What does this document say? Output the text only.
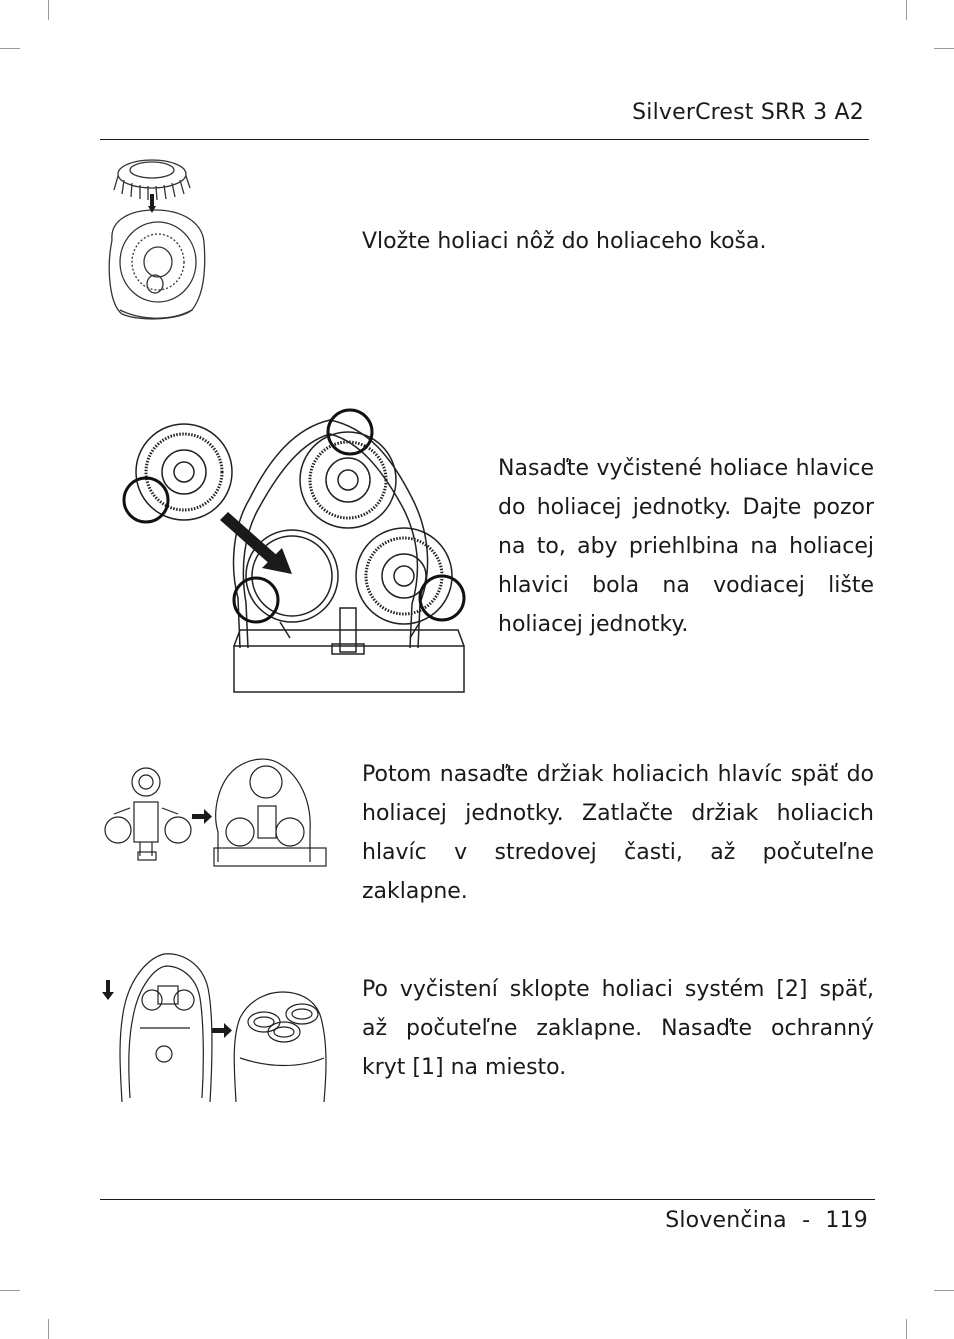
SilverCrest SRR 3 A2
Vložte holiaci nôž do holiaceho koša.
Nasaďte vyčistené holiace hlavice do holiacej jednotky. Dajte pozor na to, aby priehlbina na holiacej hlavici bola na vodiacej lište holiacej jednotky.
Potom nasaďte držiak holiacich hlavíc späť do holiacej jednotky. Zatlačte držiak holiacich hlavíc v stredovej časti, až počuteľne zaklapne.
Po vyčistení sklopte holiaci systém [2] späť, až počuteľne zaklapne. Nasaďte ochranný kryt [1] na miesto.
Slovenčina - 119
